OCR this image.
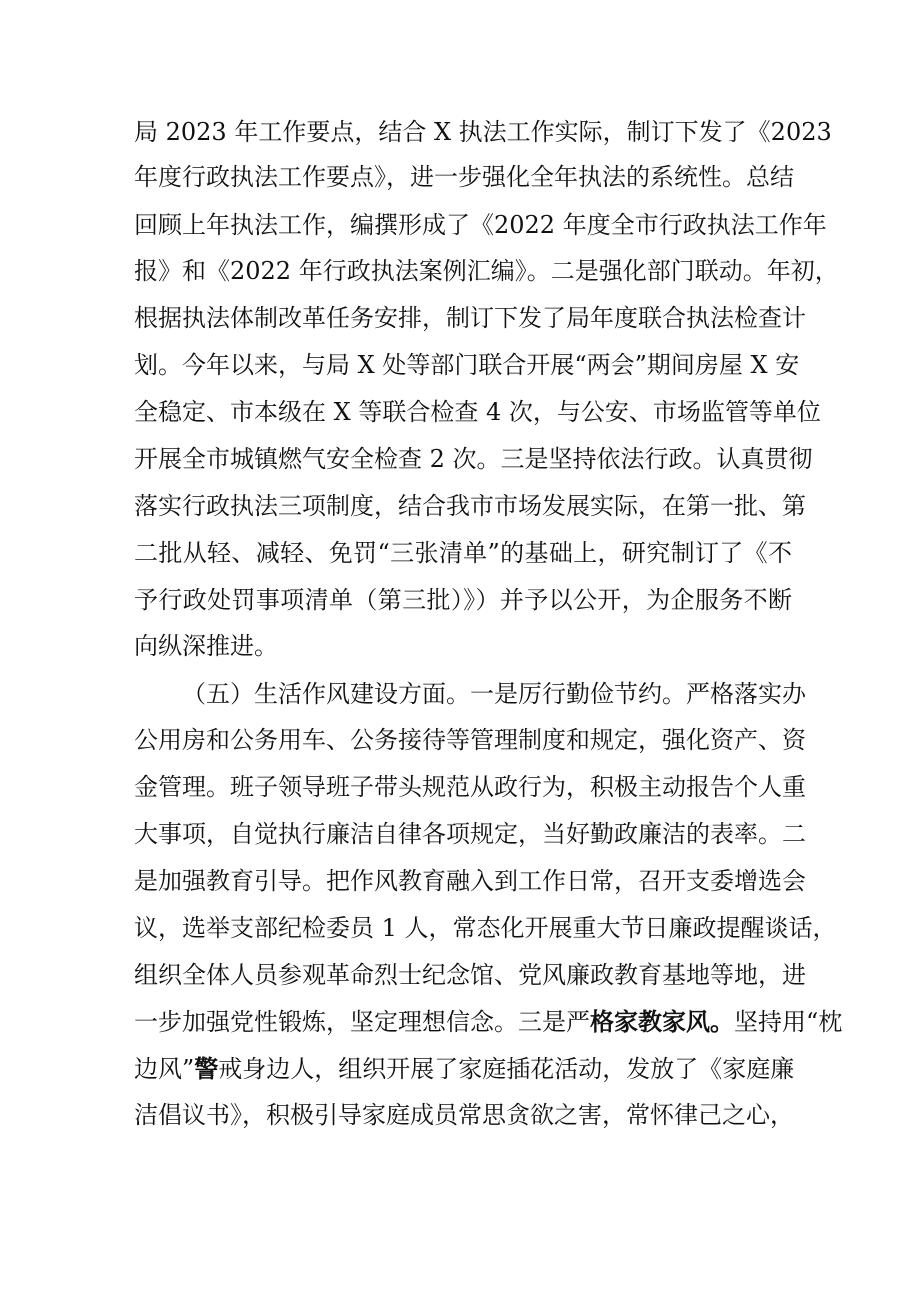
局 2023 年工作要点，结合 X 执法工作实际，制订下发了《2023
年度行政执法工作要点》，进一步强化全年执法的系统性。总结
回顾上年执法工作，编撰形成了《2022 年度全市行政执法工作年
报》和《2022 年行政执法案例汇编》。二是强化部门联动。年初，
根据执法体制改革任务安排，制订下发了局年度联合执法检查计
划。今年以来，与局 X 处等部门联合开展“两会”期间房屋 X 安
全稳定、市本级在 X 等联合检查 4 次，与公安、市场监管等单位
开展全市城镇燃气安全检查 2 次。三是坚持依法行政。认真贯彻
落实行政执法三项制度，结合我市市场发展实际，在第一批、第
二批从轻、减轻、免罚“三张清单”的基础上，研究制订了《不
予行政处罚事项清单（第三批）》）并予以公开，为企服务不断
向纵深推进。
（五）生活作风建设方面。一是厉行勤俭节约。严格落实办
公用房和公务用车、公务接待等管理制度和规定，强化资产、资
金管理。班子领导班子带头规范从政行为，积极主动报告个人重
大事项，自觉执行廉洁自律各项规定，当好勤政廉洁的表率。二
是加强教育引导。把作风教育融入到工作日常，召开支委增选会
议，选举支部纪检委员 1 人，常态化开展重大节日廉政提醒谈话，
组织全体人员参观革命烈士纪念馆、党风廉政教育基地等地，进
一步加强党性锻炼，坚定理想信念。三是严格家教家风。坚持用“枕
边风”警戒身边人，组织开展了家庭插花活动，发放了《家庭廉
洁倡议书》，积极引导家庭成员常思贪欲之害，常怀律己之心，
